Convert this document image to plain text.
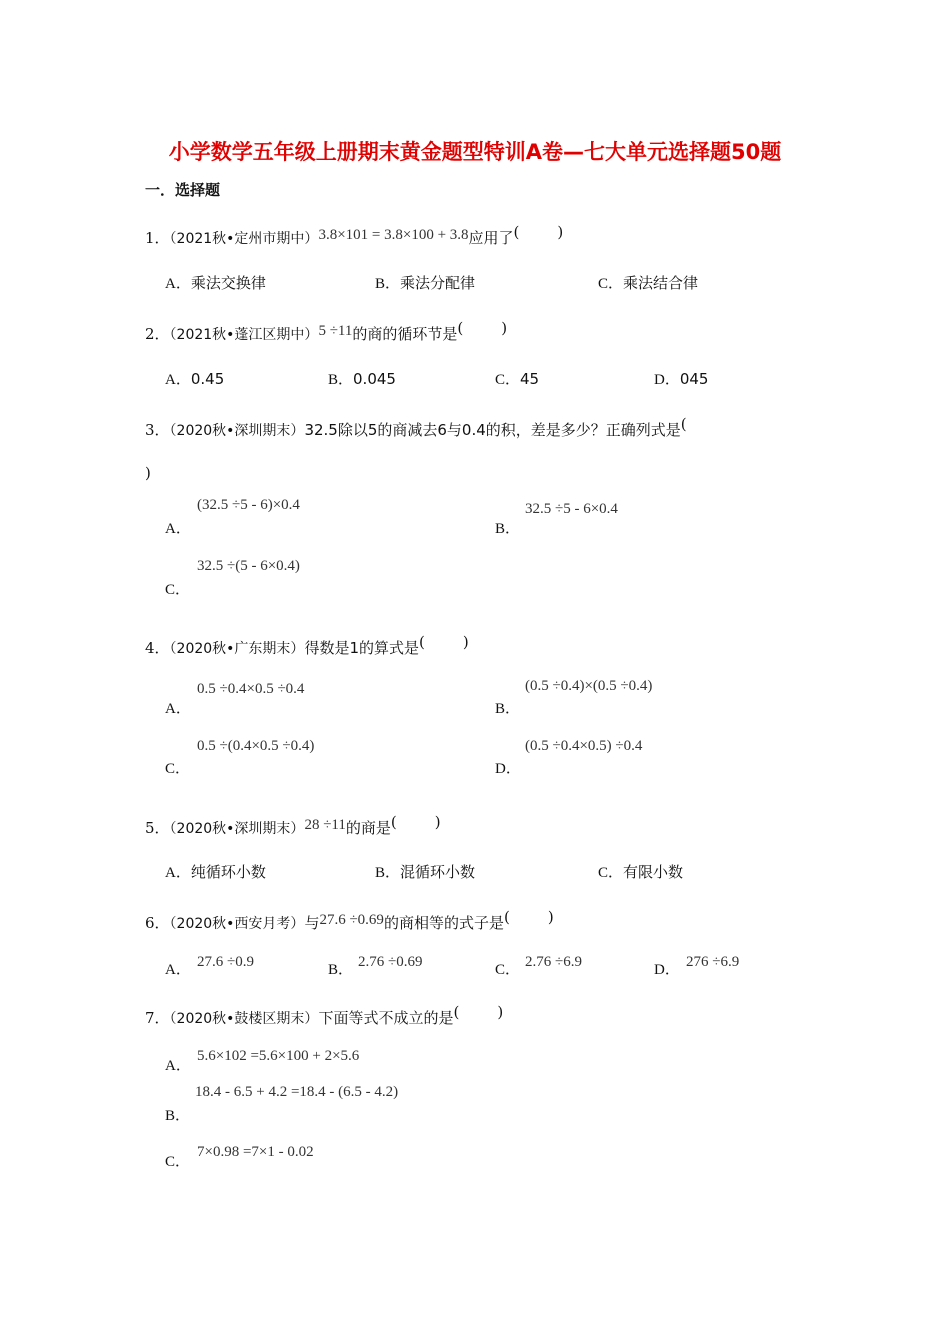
小学数学五年级上册期末黄金题型特训A卷—七大单元选择题50题
一．选择题
1．（2021秋•定州市期中）3.8×101 = 3.8×100 + 3.8应用了(	)
A．乘法交换律	B．乘法分配律	C．乘法结合律
2．（2021秋•蓬江区期中）5 ÷11的商的循环节是(	)
A．0.45	B．0.045	C．45	D．045
3．（2020秋•深圳期末）32.5除以5的商减去6与0.4的积，差是多少？正确列式是(
)
A．
(32.5 ÷5 - 6)×0.4
B．
32.5 ÷5 - 6×0.4
C．
32.5 ÷(5 - 6×0.4)
4．（2020秋•广东期末）得数是1的算式是(	)
A．
0.5 ÷0.4×0.5 ÷0.4
B．
(0.5 ÷0.4)×(0.5 ÷0.4)
C．
0.5 ÷(0.4×0.5 ÷0.4)
D．
(0.5 ÷0.4×0.5) ÷0.4
5．（2020秋•深圳期末）28 ÷11的商是(	)
A．纯循环小数	B．混循环小数	C．有限小数
6．（2020秋•西安月考）与27.6 ÷0.69的商相等的式子是(	)
A． 27.6 ÷0.9	B． 2.76 ÷0.69	C． 2.76 ÷6.9	D． 276 ÷6.9
7．（2020秋•鼓楼区期末）下面等式不成立的是(	)
A．
5.6×102 =5.6×100 + 2×5.6
B．
18.4 - 6.5 + 4.2 =18.4 - (6.5 - 4.2)
C．
7×0.98 =7×1 - 0.02
